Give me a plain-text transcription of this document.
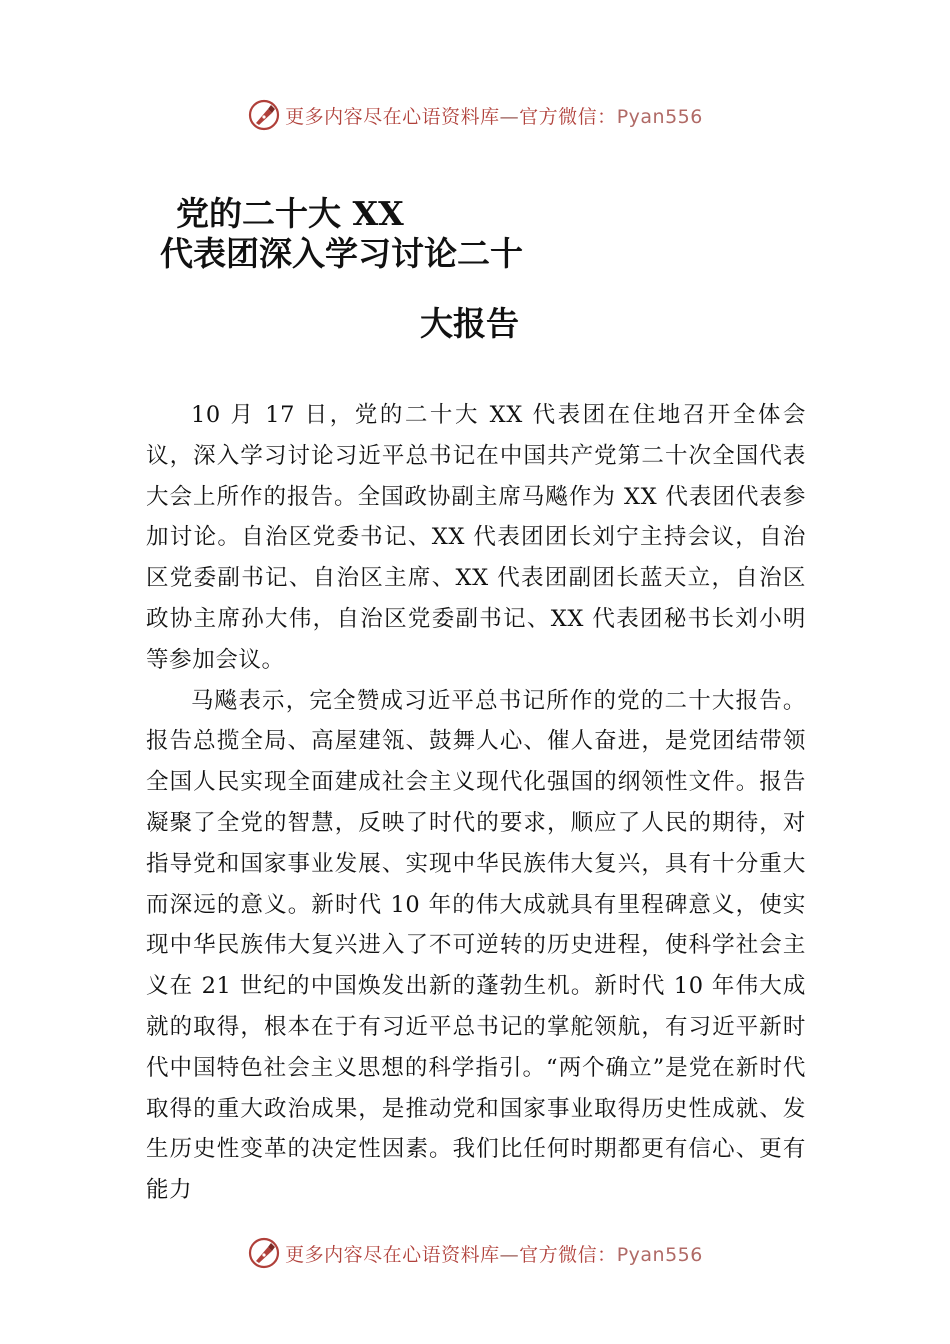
更多内容尽在心语资料库—官方微信：Pyan556
党的二十大 XX
代表团深入学习讨论二十
大报告

10 月 17 日，党的二十大 XX 代表团在住地召开全体会议，深入学习讨论习近平总书记在中国共产党第二十次全国代表大会上所作的报告。全国政协副主席马飚作为 XX 代表团代表参加讨论。自治区党委书记、XX 代表团团长刘宁主持会议，自治区党委副书记、自治区主席、XX 代表团副团长蓝天立，自治区政协主席孙大伟，自治区党委副书记、XX 代表团秘书长刘小明等参加会议。

马飚表示，完全赞成习近平总书记所作的党的二十大报告。报告总揽全局、高屋建瓴、鼓舞人心、催人奋进，是党团结带领全国人民实现全面建成社会主义现代化强国的纲领性文件。报告凝聚了全党的智慧，反映了时代的要求，顺应了人民的期待，对指导党和国家事业发展、实现中华民族伟大复兴，具有十分重大而深远的意义。新时代 10 年的伟大成就具有里程碑意义，使实现中华民族伟大复兴进入了不可逆转的历史进程，使科学社会主义在 21 世纪的中国焕发出新的蓬勃生机。新时代 10 年伟大成就的取得，根本在于有习近平总书记的掌舵领航，有习近平新时代中国特色社会主义思想的科学指引。“两个确立”是党在新时代取得的重大政治成果，是推动党和国家事业取得历史性成就、发生历史性变革的决定性因素。我们比任何时期都更有信心、更有能力

更多内容尽在心语资料库—官方微信：Pyan556
